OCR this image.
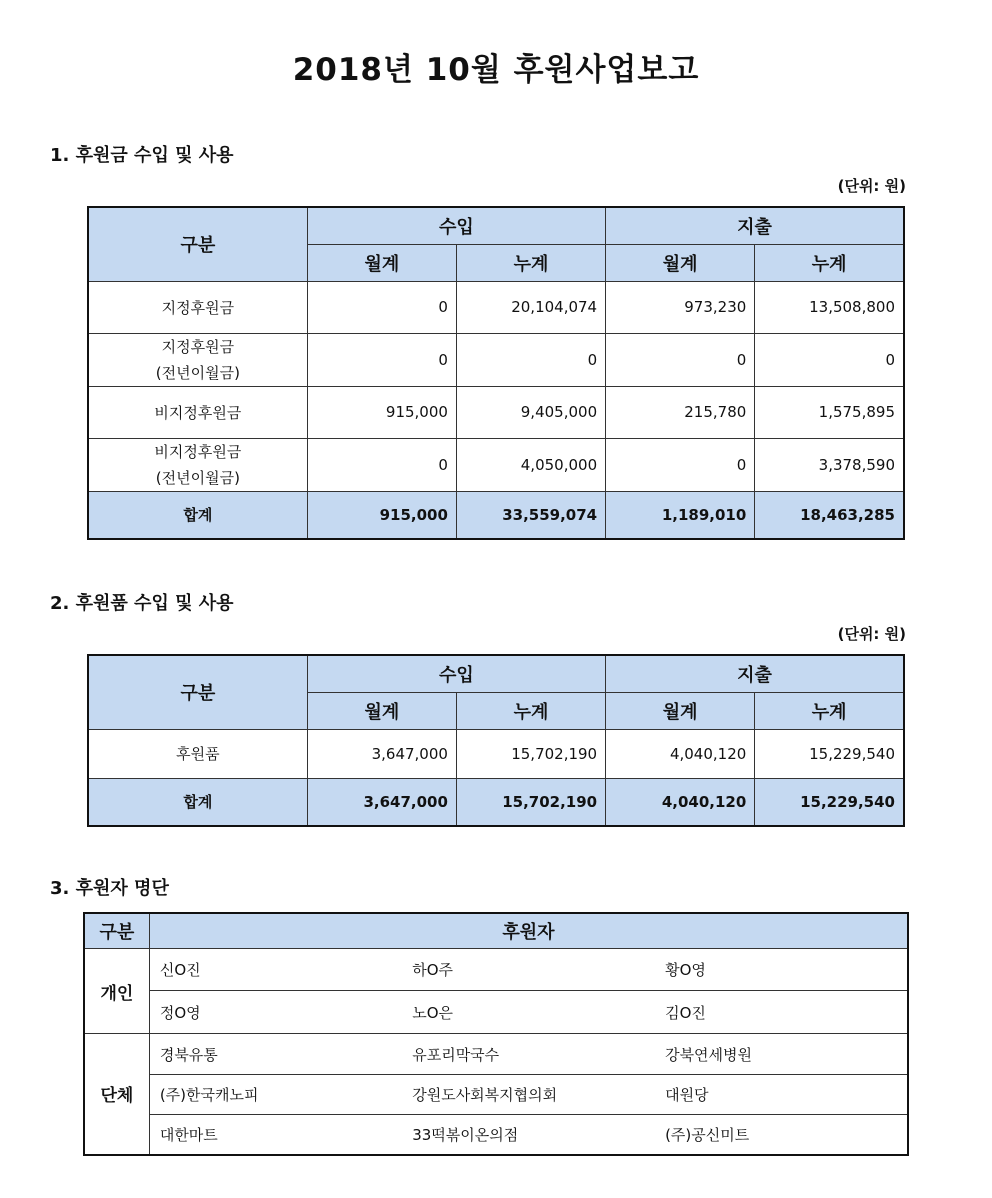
2018년 10월 후원사업보고
1. 후원금 수입 및 사용
(단위: 원)
구분	수입		지출	
	월계	누계	월계	누계
지정후원금	0	20,104,074	973,230	13,508,800
지정후원금
(전년이월금)	0	0	0	0
비지정후원금	915,000	9,405,000	215,780	1,575,895
비지정후원금
(전년이월금)	0	4,050,000	0	3,378,590
합계	915,000	33,559,074	1,189,010	18,463,285
2. 후원품 수입 및 사용
(단위: 원)
구분	수입		지출	
	월계	누계	월계	누계
후원품	3,647,000	15,702,190	4,040,120	15,229,540
합계	3,647,000	15,702,190	4,040,120	15,229,540
3. 후원자 명단
구분	후원자		
개인	신O진	하O주	황O영
	정O영	노O은	김O진
단체	경북유통	유포리막국수	강북연세병원
	(주)한국캐노피	강원도사회복지협의회	대원당
	대한마트	33떡볶이온의점	(주)공신미트
